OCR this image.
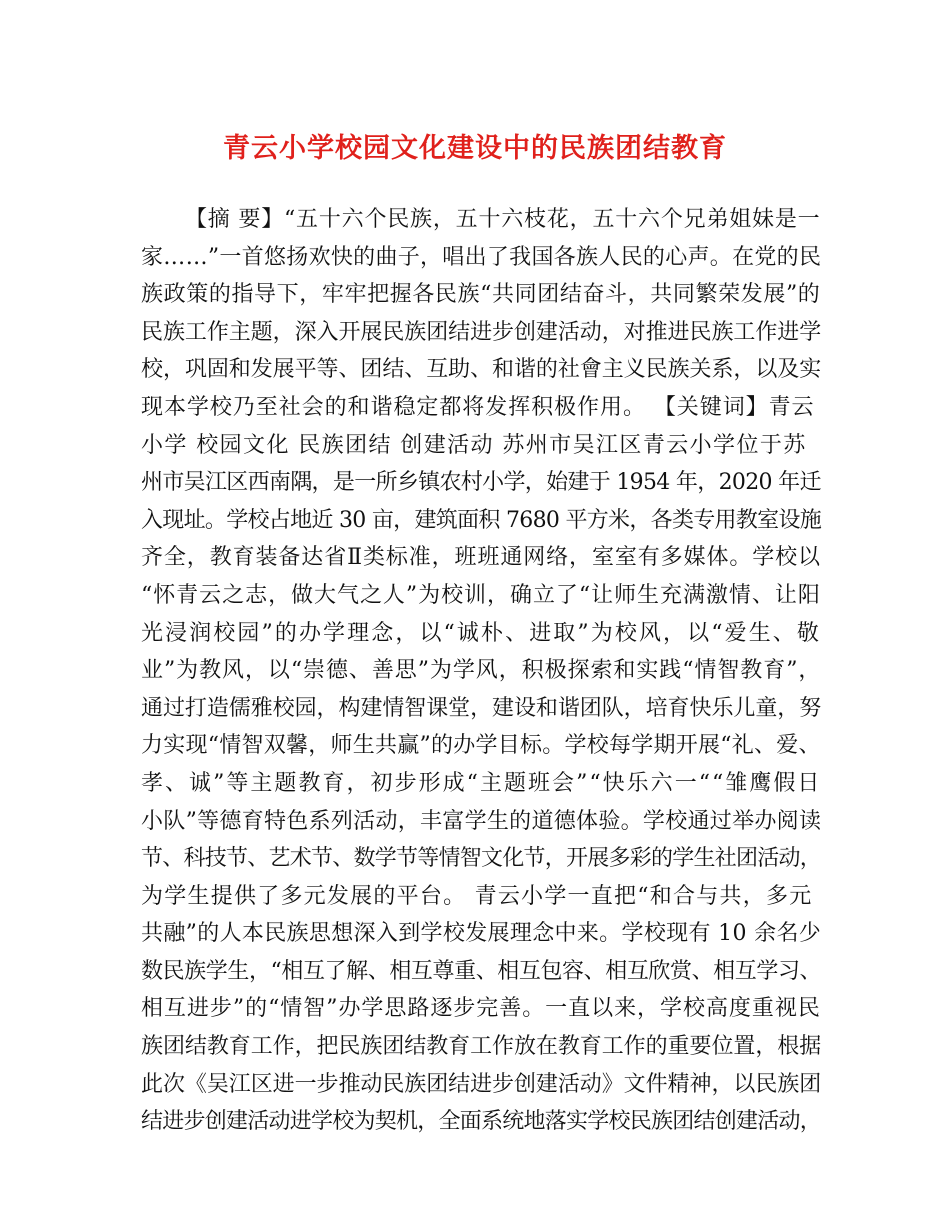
青云小学校园文化建设中的民族团结教育
【摘 要】“五十六个民族，五十六枝花，五十六个兄弟姐妹是一
家……”一首悠扬欢快的曲子，唱出了我国各族人民的心声。在党的民
族政策的指导下，牢牢把握各民族“共同团结奋斗，共同繁荣发展”的
民族工作主题，深入开展民族团结进步创建活动，对推进民族工作进学
校，巩固和发展平等、团结、互助、和谐的社會主义民族关系，以及实
现本学校乃至社会的和谐稳定都将发挥积极作用。 【关键词】青云
小学 校园文化 民族团结 创建活动 苏州市吴江区青云小学位于苏
州市吴江区西南隅，是一所乡镇农村小学，始建于 1954 年，2020 年迁
入现址。学校占地近 30 亩，建筑面积 7680 平方米，各类专用教室设施
齐全，教育装备达省Ⅱ类标准，班班通网络，室室有多媒体。学校以
“怀青云之志，做大气之人”为校训，确立了“让师生充满激情、让阳
光浸润校园”的办学理念，以“诚朴、进取”为校风，以“爱生、敬
业”为教风，以“崇德、善思”为学风，积极探索和实践“情智教育”，
通过打造儒雅校园，构建情智课堂，建设和谐团队，培育快乐儿童，努
力实现“情智双馨，师生共赢”的办学目标。学校每学期开展“礼、爱、
孝、诚”等主题教育，初步形成“主题班会”“快乐六一““雏鹰假日
小队”等德育特色系列活动，丰富学生的道德体验。学校通过举办阅读
节、科技节、艺术节、数学节等情智文化节，开展多彩的学生社团活动，
为学生提供了多元发展的平台。 青云小学一直把“和合与共，多元
共融”的人本民族思想深入到学校发展理念中来。学校现有 10 余名少
数民族学生，“相互了解、相互尊重、相互包容、相互欣赏、相互学习、
相互进步”的“情智”办学思路逐步完善。一直以来，学校高度重视民
族团结教育工作，把民族团结教育工作放在教育工作的重要位置，根据
此次《吴江区进一步推动民族团结进步创建活动》文件精神，以民族团
结进步创建活动进学校为契机，全面系统地落实学校民族团结创建活动，
